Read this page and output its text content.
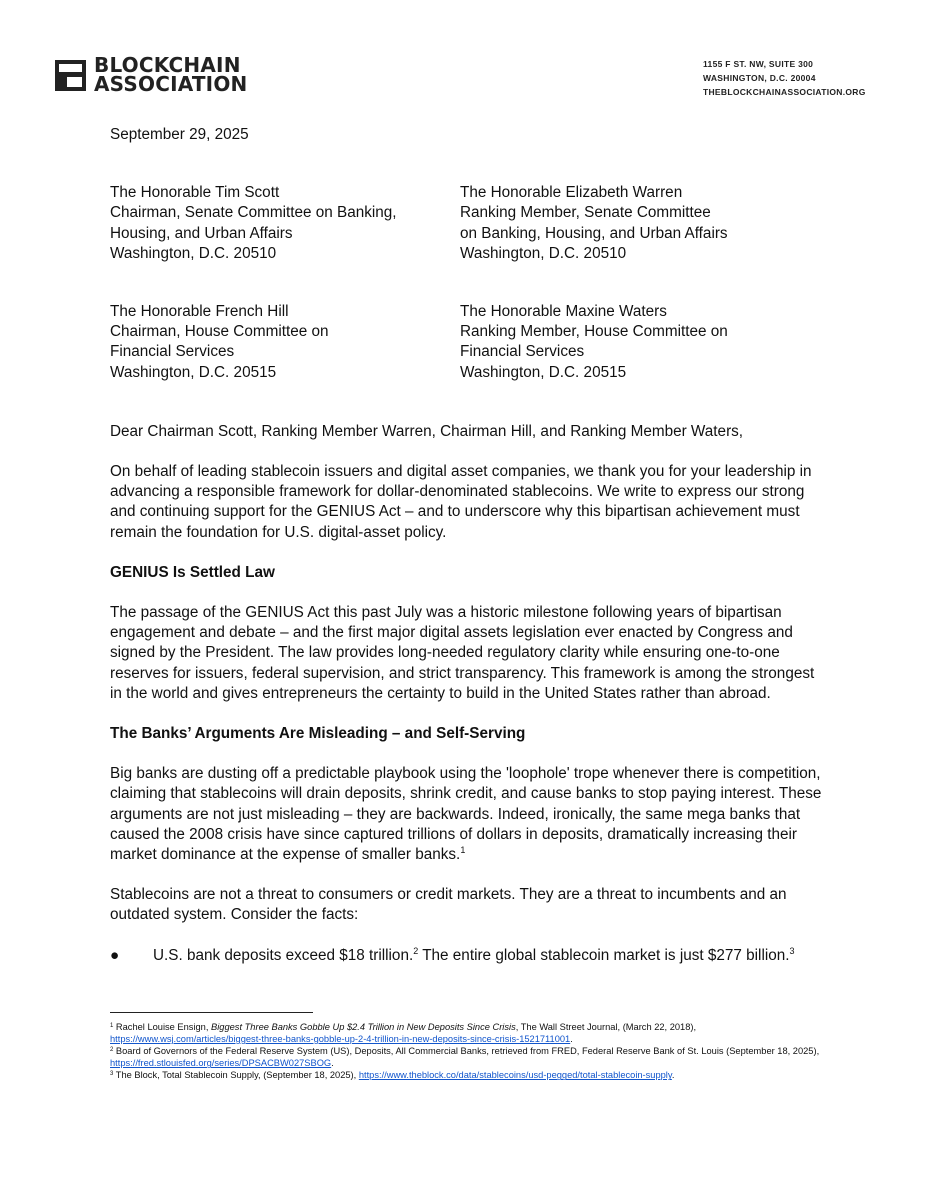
BLOCKCHAIN
ASSOCIATION
1155 F ST. NW, SUITE 300
WASHINGTON, D.C. 20004
THEBLOCKCHAINASSOCIATION.ORG

September 29, 2025

The Honorable Tim Scott

Chairman, Senate Committee on Banking,

Housing, and Urban Affairs

Washington, D.C. 20510

The Honorable Elizabeth Warren

Ranking Member, Senate Committee

on Banking, Housing, and Urban Affairs

Washington, D.C. 20510

The Honorable French Hill

Chairman, House Committee on

Financial Services

Washington, D.C. 20515

The Honorable Maxine Waters

Ranking Member, House Committee on

Financial Services

Washington, D.C. 20515

Dear Chairman Scott, Ranking Member Warren, Chairman Hill, and Ranking Member Waters,

On behalf of leading stablecoin issuers and digital asset companies, we thank you for your leadership in advancing a responsible framework for dollar-denominated stablecoins. We write to express our strong and continuing support for the GENIUS Act – and to underscore why this bipartisan achievement must remain the foundation for U.S. digital-asset policy.

GENIUS Is Settled Law

The passage of the GENIUS Act this past July was a historic milestone following years of bipartisan engagement and debate – and the first major digital assets legislation ever enacted by Congress and signed by the President. The law provides long-needed regulatory clarity while ensuring one-to-one reserves for issuers, federal supervision, and strict transparency. This framework is among the strongest in the world and gives entrepreneurs the certainty to build in the United States rather than abroad.

The Banks’ Arguments Are Misleading – and Self-Serving

Big banks are dusting off a predictable playbook using the 'loophole' trope whenever there is competition, claiming that stablecoins will drain deposits, shrink credit, and cause banks to stop paying interest. These arguments are not just misleading – they are backwards. Indeed, ironically, the same mega banks that caused the 2008 crisis have since captured trillions of dollars in deposits, dramatically increasing their market dominance at the expense of smaller banks.$^1$

Stablecoins are not a threat to consumers or credit markets. They are a threat to incumbents and an outdated system. Consider the facts:

● U.S. bank deposits exceed $18 trillion.$^2$ The entire global stablecoin market is just $277 billion.$^3$

$^1$ Rachel Louise Ensign, Biggest Three Banks Gobble Up $2.4 Trillion in New Deposits Since Crisis, The Wall Street Journal, (March 22, 2018),
https://www.wsj.com/articles/biggest-three-banks-gobble-up-2-4-trillion-in-new-deposits-since-crisis-1521711001.

$^2$ Board of Governors of the Federal Reserve System (US), Deposits, All Commercial Banks, retrieved from FRED, Federal Reserve Bank of St. Louis (September 18, 2025), https://fred.stlouisfed.org/series/DPSACBW027SBOG.

$^3$ The Block, Total Stablecoin Supply, (September 18, 2025), https://www.theblock.co/data/stablecoins/usd-pegged/total-stablecoin-supply.
